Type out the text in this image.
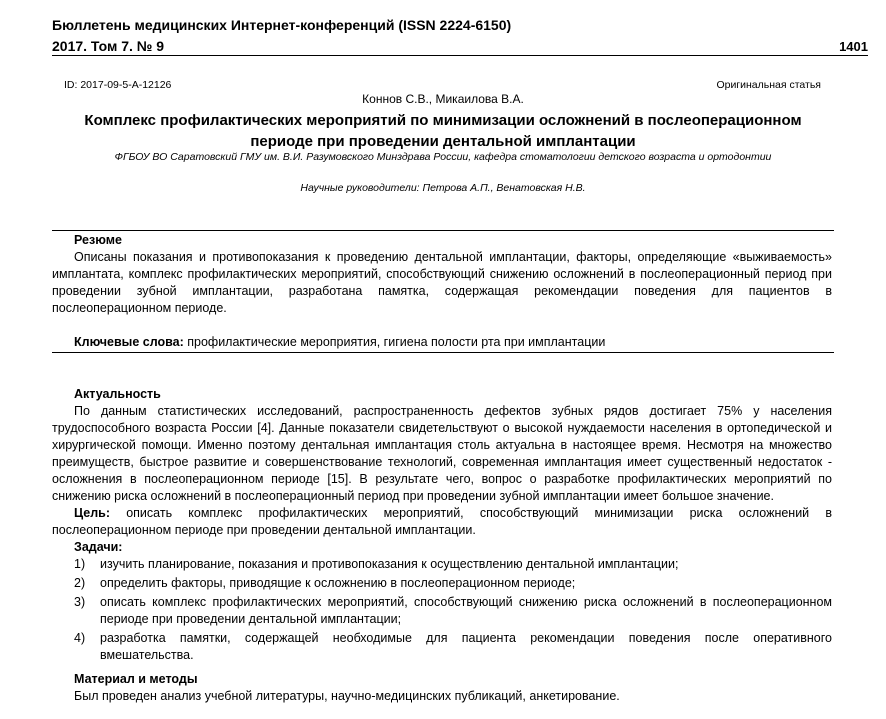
Бюллетень медицинских Интернет-конференций (ISSN 2224-6150)
2017. Том 7. № 9	1401
ID: 2017-09-5-А-12126	Оригинальная статья
Коннов С.В., Микаилова В.А.
Комплекс профилактических мероприятий по минимизации осложнений в послеоперационном периоде при проведении дентальной имплантации
ФГБОУ ВО Саратовский ГМУ им. В.И. Разумовского Минздрава России, кафедра стоматологии детского возраста и ортодонтии
Научные руководители: Петрова А.П., Венатовская Н.В.
Резюме
Описаны показания и противопоказания к проведению дентальной имплантации, факторы, определяющие «выживаемость» имплантата, комплекс профилактических мероприятий, способствующий снижению осложнений в послеоперационный период при проведении зубной имплантации, разработана памятка, содержащая рекомендации поведения для пациентов в послеоперационном периоде.
Ключевые слова: профилактические мероприятия, гигиена полости рта при имплантации
Актуальность
По данным статистических исследований, распространенность дефектов зубных рядов достигает 75% у населения трудоспособного возраста России [4]. Данные показатели свидетельствуют о высокой нуждаемости населения в ортопедической и хирургической помощи. Именно поэтому дентальная имплантация столь актуальна в настоящее время. Несмотря на множество преимуществ, быстрое развитие и совершенствование технологий, современная имплантация имеет существенный недостаток - осложнения в послеоперационном периоде [15]. В результате чего, вопрос о разработке профилактических мероприятий по снижению риска осложнений в послеоперационный период при проведении зубной имплантации имеет большое значение.
Цель: описать комплекс профилактических мероприятий, способствующий минимизации риска осложнений в послеоперационном периоде при проведении дентальной имплантации.
Задачи:
1) изучить планирование, показания и противопоказания к осуществлению дентальной имплантации;
2) определить факторы, приводящие к осложнению в послеоперационном периоде;
3) описать комплекс профилактических мероприятий, способствующий снижению риска осложнений в послеоперационном периоде при проведении дентальной имплантации;
4) разработка памятки, содержащей необходимые для пациента рекомендации поведения после оперативного вмешательства.
Материал и методы
Был проведен анализ учебной литературы, научно-медицинских публикаций, анкетирование.
